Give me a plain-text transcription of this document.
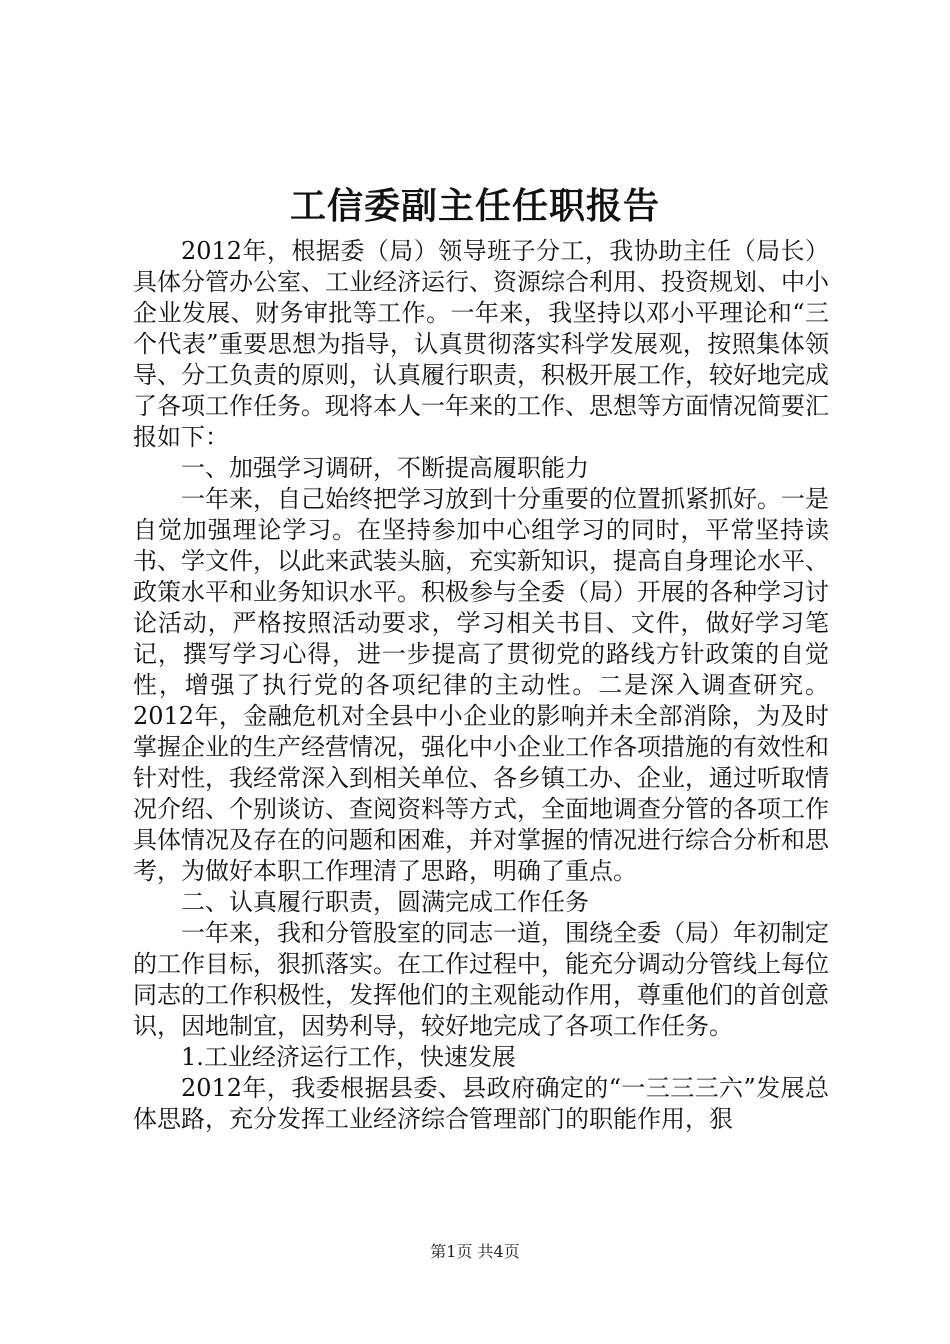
工信委副主任任职报告

2012年，根据委（局）领导班子分工，我协助主任（局长）具体分管办公室、工业经济运行、资源综合利用、投资规划、中小企业发展、财务审批等工作。一年来，我坚持以邓小平理论和“三个代表”重要思想为指导，认真贯彻落实科学发展观，按照集体领导、分工负责的原则，认真履行职责，积极开展工作，较好地完成了各项工作任务。现将本人一年来的工作、思想等方面情况简要汇报如下：

一、加强学习调研，不断提高履职能力

一年来，自己始终把学习放到十分重要的位置抓紧抓好。一是自觉加强理论学习。在坚持参加中心组学习的同时，平常坚持读书、学文件，以此来武装头脑，充实新知识，提高自身理论水平、政策水平和业务知识水平。积极参与全委（局）开展的各种学习讨论活动，严格按照活动要求，学习相关书目、文件，做好学习笔记，撰写学习心得，进一步提高了贯彻党的路线方针政策的自觉性，增强了执行党的各项纪律的主动性。二是深入调查研究。2012年，金融危机对全县中小企业的影响并未全部消除，为及时掌握企业的生产经营情况，强化中小企业工作各项措施的有效性和针对性，我经常深入到相关单位、各乡镇工办、企业，通过听取情况介绍、个别谈访、查阅资料等方式，全面地调查分管的各项工作具体情况及存在的问题和困难，并对掌握的情况进行综合分析和思考，为做好本职工作理清了思路，明确了重点。

二、认真履行职责，圆满完成工作任务

一年来，我和分管股室的同志一道，围绕全委（局）年初制定的工作目标，狠抓落实。在工作过程中，能充分调动分管线上每位同志的工作积极性，发挥他们的主观能动作用，尊重他们的首创意识，因地制宜，因势利导，较好地完成了各项工作任务。

1.工业经济运行工作，快速发展

2012年，我委根据县委、县政府确定的“一三三三六”发展总体思路，充分发挥工业经济综合管理部门的职能作用，狠

第1页 共4页
